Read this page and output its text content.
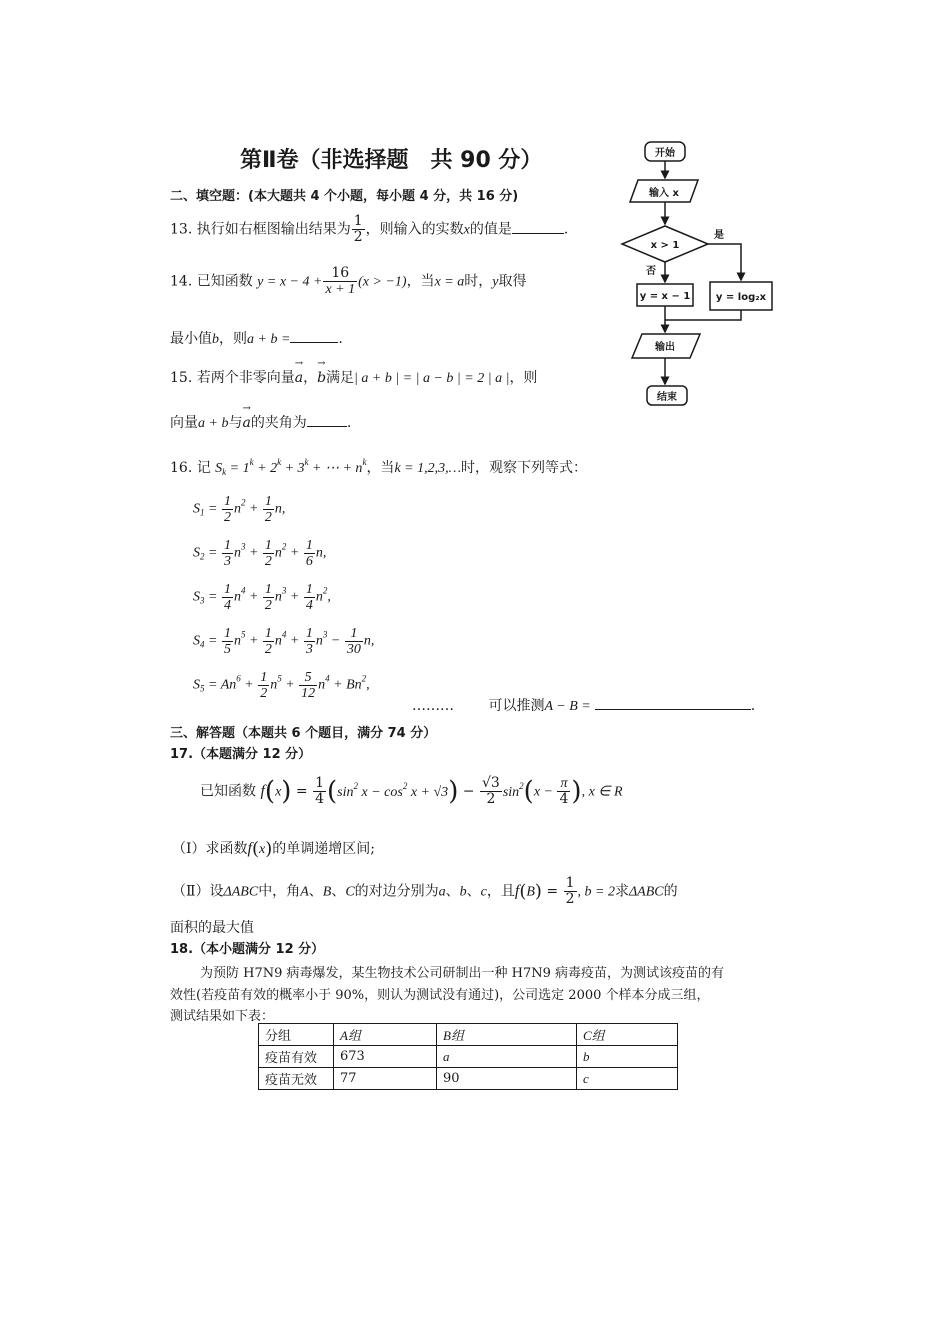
第Ⅱ卷（非选择题　共 90 分）
二、填空题：(本大题共 4 个小题，每小题 4 分，共 16 分)
13. 执行如右框图输出结果为 $\frac{1}{2}$ ，则输入的实数x的值是	.
14. 已知函数 $y = x - 4 + \frac{16}{x + 1} (x > -1)$，当x = a时，y取得
最小值b，则a + b =	.
15. 若两个非零向量→ a，→ b满足| a + b | = | a − b | = 2 | a |，则
向量a + b与→ a的夹角为	.
16. 记 $S_k = 1^k + 2^k + 3^k$ + ⋯ + $n^k$，当k = 1,2,3,…时，观察下列等式：
$S_1 = \frac{1}{2} n^2 + \frac{1}{2} n$,
$S_2 = \frac{1}{3} n^3 + \frac{1}{2} n^2 + \frac{1}{6} n$,
$S_3 = \frac{1}{4} n^4 + \frac{1}{2} n^3 + \frac{1}{4} n^2$,
$S_4 = \frac{1}{5} n^5 + \frac{1}{2} n^4 + \frac{1}{3} n^3 - \frac{1}{30} n$,
$S_5 = An^6 + \frac{1}{2} n^5 + \frac{5}{12} n^4 + Bn^2$,
……… 可以推测A − B =	.
三、解答题（本题共 6 个题目，满分 74 分）
17.（本题满分 12 分）
已知函数 $f(x) = \frac{1}{4} (\sin^2$ $x - \cos^2 x + √3) - \frac{√3}{2} \sin^2(x - \frac{\pi}{4}$ ), x ∈ R
（Ⅰ）求函数f(x)的单调递增区间;
（Ⅱ）设ΔABC中，角A、B、C的对边分别为a、b、c，且$f(B) = \frac{1}{2}$ , b = 2求ΔABC的
面积的最大值
18.（本小题满分 12 分）
为预防 H7N9 病毒爆发，某生物技术公司研制出一种 H7N9 病毒疫苗，为测试该疫苗的有
效性(若疫苗有效的概率小于 90%，则认为测试没有通过)，公司选定 2000 个样本分成三组，
测试结果如下表：
分组	A组	B组	C组
疫苗有效	673	a	b
疫苗无效	77	90	c
开始
输入 x
x > 1
是
否
y = x − 1	y = log₂x
输出
结束
